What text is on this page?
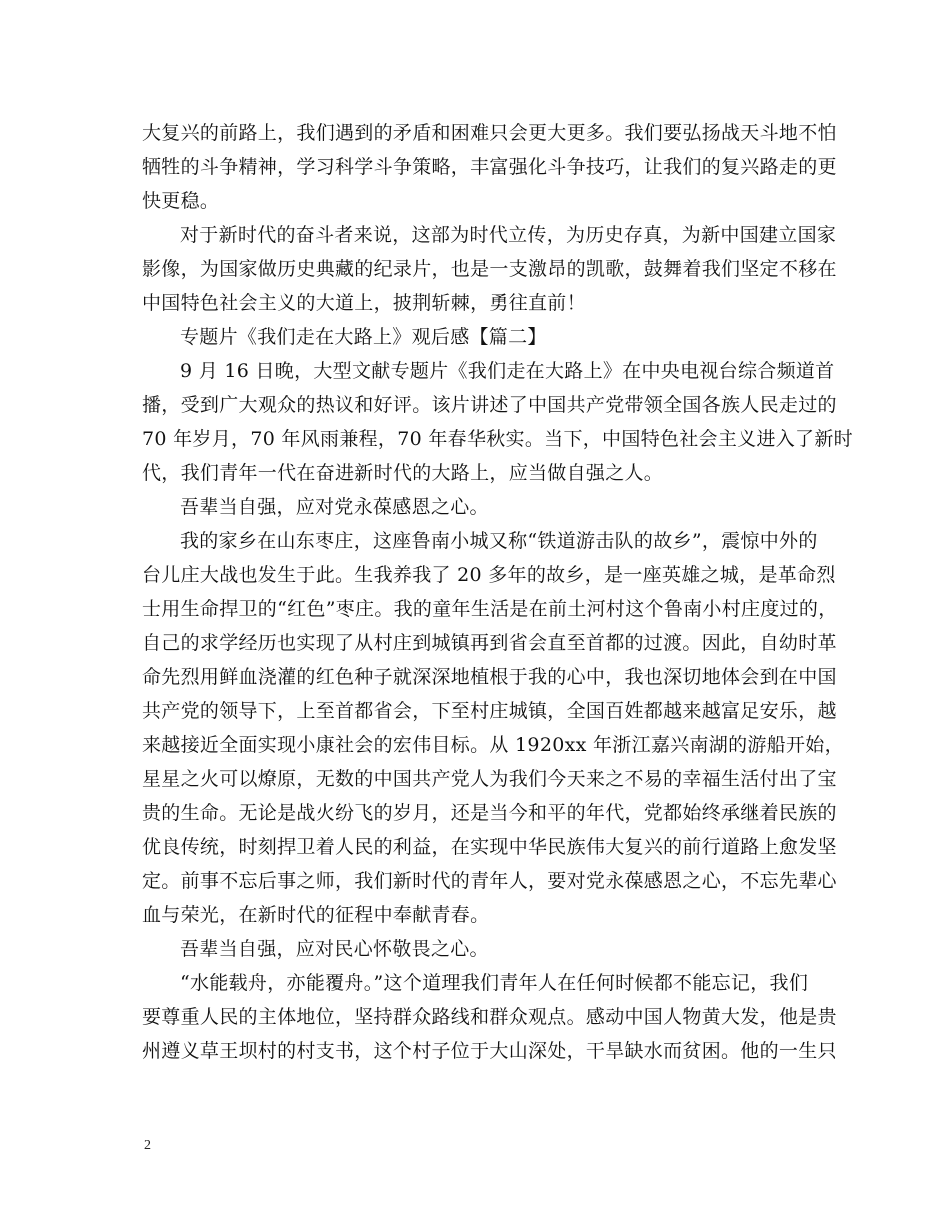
大复兴的前路上，我们遇到的矛盾和困难只会更大更多。我们要弘扬战天斗地不怕
牺牲的斗争精神，学习科学斗争策略，丰富强化斗争技巧，让我们的复兴路走的更
快更稳。
对于新时代的奋斗者来说，这部为时代立传，为历史存真，为新中国建立国家
影像，为国家做历史典藏的纪录片，也是一支激昂的凯歌，鼓舞着我们坚定不移在
中国特色社会主义的大道上，披荆斩棘，勇往直前！
专题片《我们走在大路上》观后感【篇二】
9 月 16 日晚，大型文献专题片《我们走在大路上》在中央电视台综合频道首
播，受到广大观众的热议和好评。该片讲述了中国共产党带领全国各族人民走过的
70 年岁月，70 年风雨兼程，70 年春华秋实。当下，中国特色社会主义进入了新时
代，我们青年一代在奋进新时代的大路上，应当做自强之人。
吾辈当自强，应对党永葆感恩之心。
我的家乡在山东枣庄，这座鲁南小城又称“铁道游击队的故乡”，震惊中外的
台儿庄大战也发生于此。生我养我了 20 多年的故乡，是一座英雄之城，是革命烈
士用生命捍卫的“红色”枣庄。我的童年生活是在前土河村这个鲁南小村庄度过的，
自己的求学经历也实现了从村庄到城镇再到省会直至首都的过渡。因此，自幼时革
命先烈用鲜血浇灌的红色种子就深深地植根于我的心中，我也深切地体会到在中国
共产党的领导下，上至首都省会，下至村庄城镇，全国百姓都越来越富足安乐，越
来越接近全面实现小康社会的宏伟目标。从 1920xx 年浙江嘉兴南湖的游船开始，
星星之火可以燎原，无数的中国共产党人为我们今天来之不易的幸福生活付出了宝
贵的生命。无论是战火纷飞的岁月，还是当今和平的年代，党都始终承继着民族的
优良传统，时刻捍卫着人民的利益，在实现中华民族伟大复兴的前行道路上愈发坚
定。前事不忘后事之师，我们新时代的青年人，要对党永葆感恩之心，不忘先辈心
血与荣光，在新时代的征程中奉献青春。
吾辈当自强，应对民心怀敬畏之心。
“水能载舟，亦能覆舟。”这个道理我们青年人在任何时候都不能忘记，我们
要尊重人民的主体地位，坚持群众路线和群众观点。感动中国人物黄大发，他是贵
州遵义草王坝村的村支书，这个村子位于大山深处，干旱缺水而贫困。他的一生只
2
